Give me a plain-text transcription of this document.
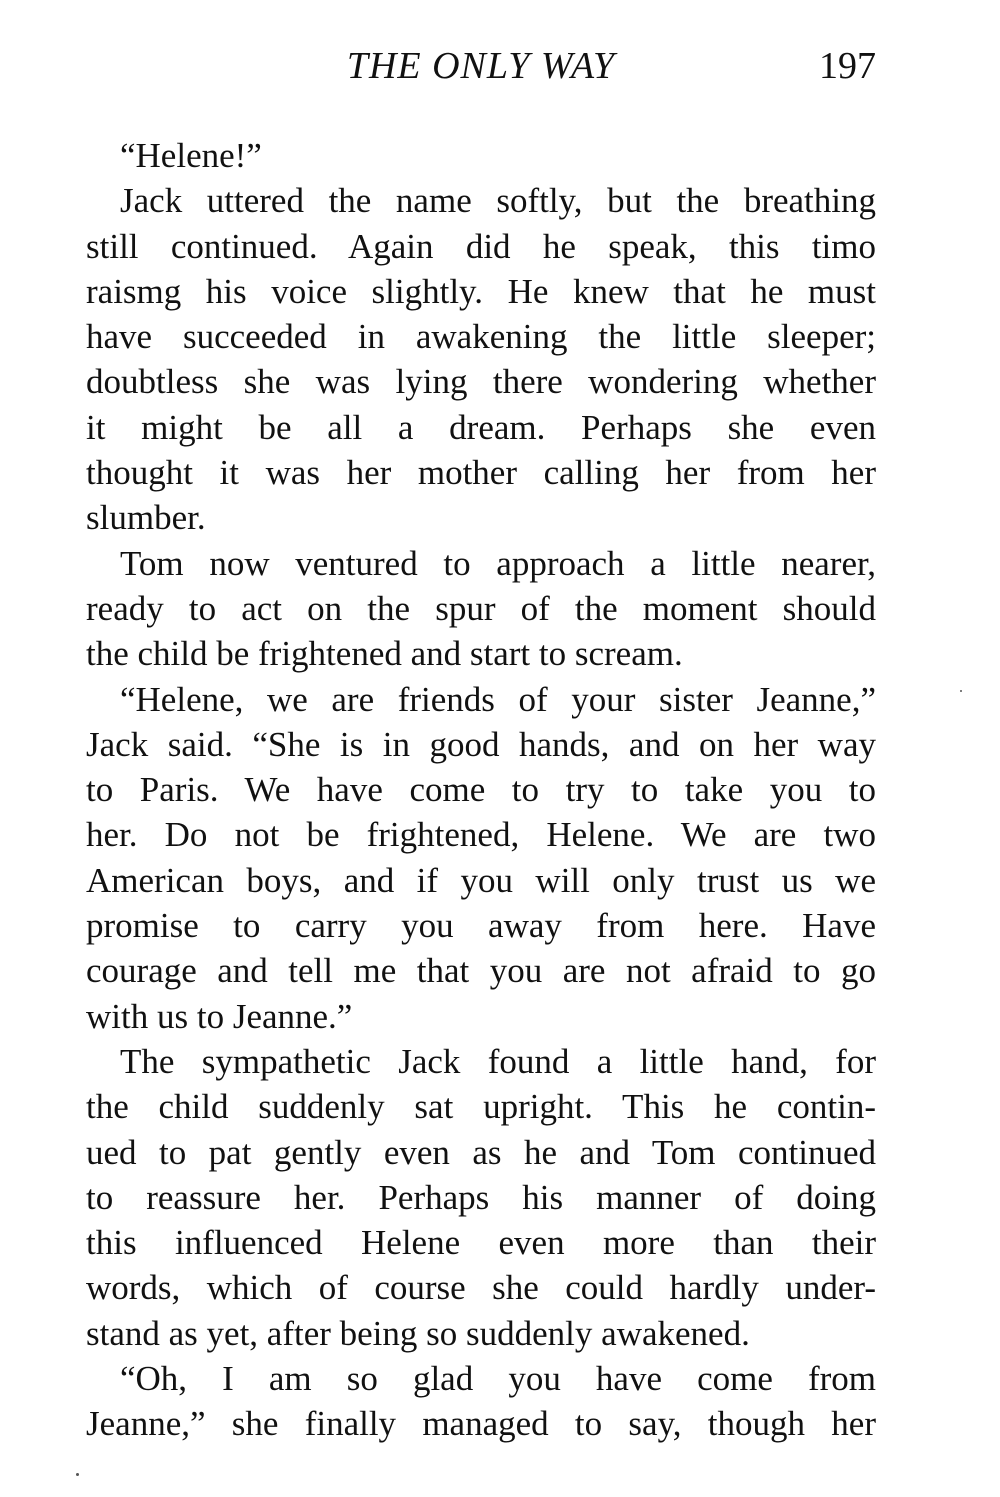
THE ONLY WAY	197
“Helene!”
Jack uttered the name softly, but the breathing
still continued. Again did he speak, this timo
raismg his voice slightly. He knew that he must
have succeeded in awakening the little sleeper;
doubtless she was lying there wondering whether
it might be all a dream. Perhaps she even
thought it was her mother calling her from her
slumber.
Tom now ventured to approach a little nearer,
ready to act on the spur of the moment should
the child be frightened and start to scream.
“Helene, we are friends of your sister Jeanne,”
Jack said. “She is in good hands, and on her way
to Paris. We have come to try to take you to
her. Do not be frightened, Helene. We are two
American boys, and if you will only trust us we
promise to carry you away from here. Have
courage and tell me that you are not afraid to go
with us to Jeanne.”
The sympathetic Jack found a little hand, for
the child suddenly sat upright. This he contin-
ued to pat gently even as he and Tom continued
to reassure her. Perhaps his manner of doing
this influenced Helene even more than their
words, which of course she could hardly under-
stand as yet, after being so suddenly awakened.
“Oh, I am so glad you have come from
Jeanne,” she finally managed to say, though her
